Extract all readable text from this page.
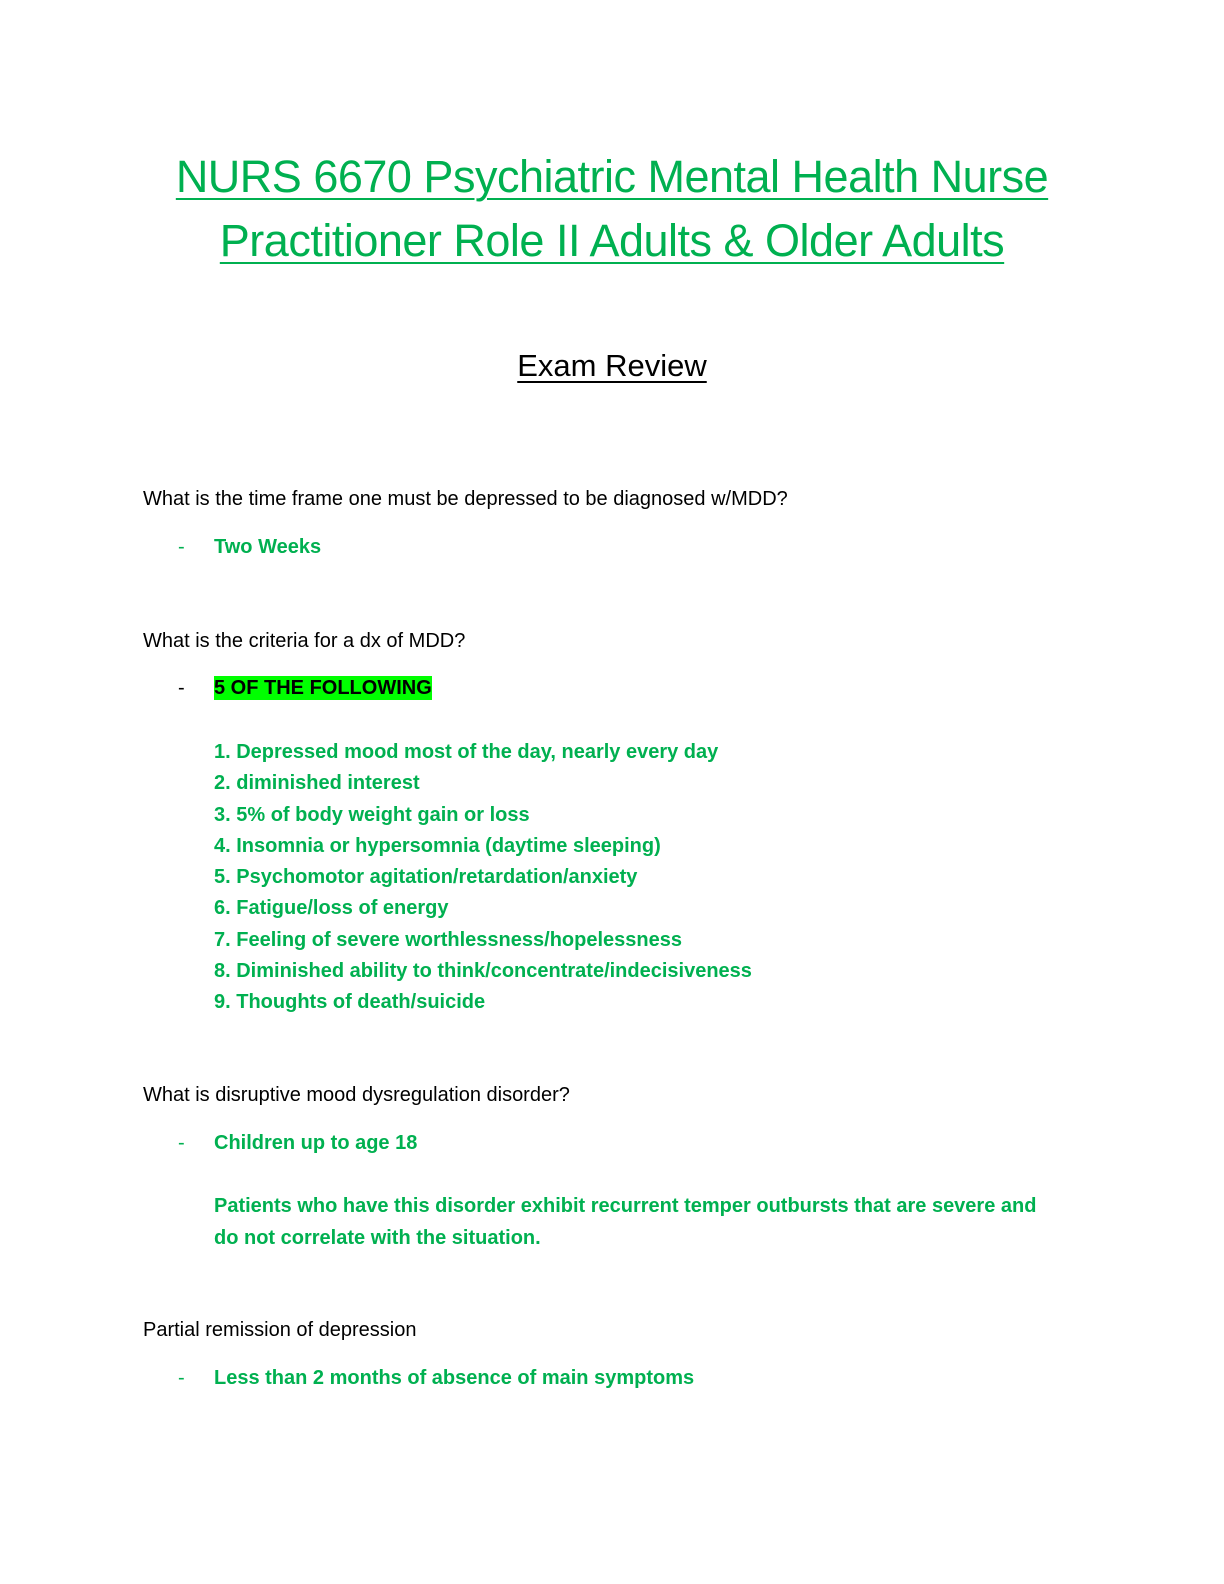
NURS 6670 Psychiatric Mental Health Nurse
Practitioner Role II Adults & Older Adults
Exam Review
What is the time frame one must be depressed to be diagnosed w/MDD?
- Two Weeks
What is the criteria for a dx of MDD?
- 5 OF THE FOLLOWING
1. Depressed mood most of the day, nearly every day
2. diminished interest
3. 5% of body weight gain or loss
4. Insomnia or hypersomnia (daytime sleeping)
5. Psychomotor agitation/retardation/anxiety
6. Fatigue/loss of energy
7. Feeling of severe worthlessness/hopelessness
8. Diminished ability to think/concentrate/indecisiveness
9. Thoughts of death/suicide
What is disruptive mood dysregulation disorder?
- Children up to age 18
Patients who have this disorder exhibit recurrent temper outbursts that are severe and do not correlate with the situation.
Partial remission of depression
- Less than 2 months of absence of main symptoms
